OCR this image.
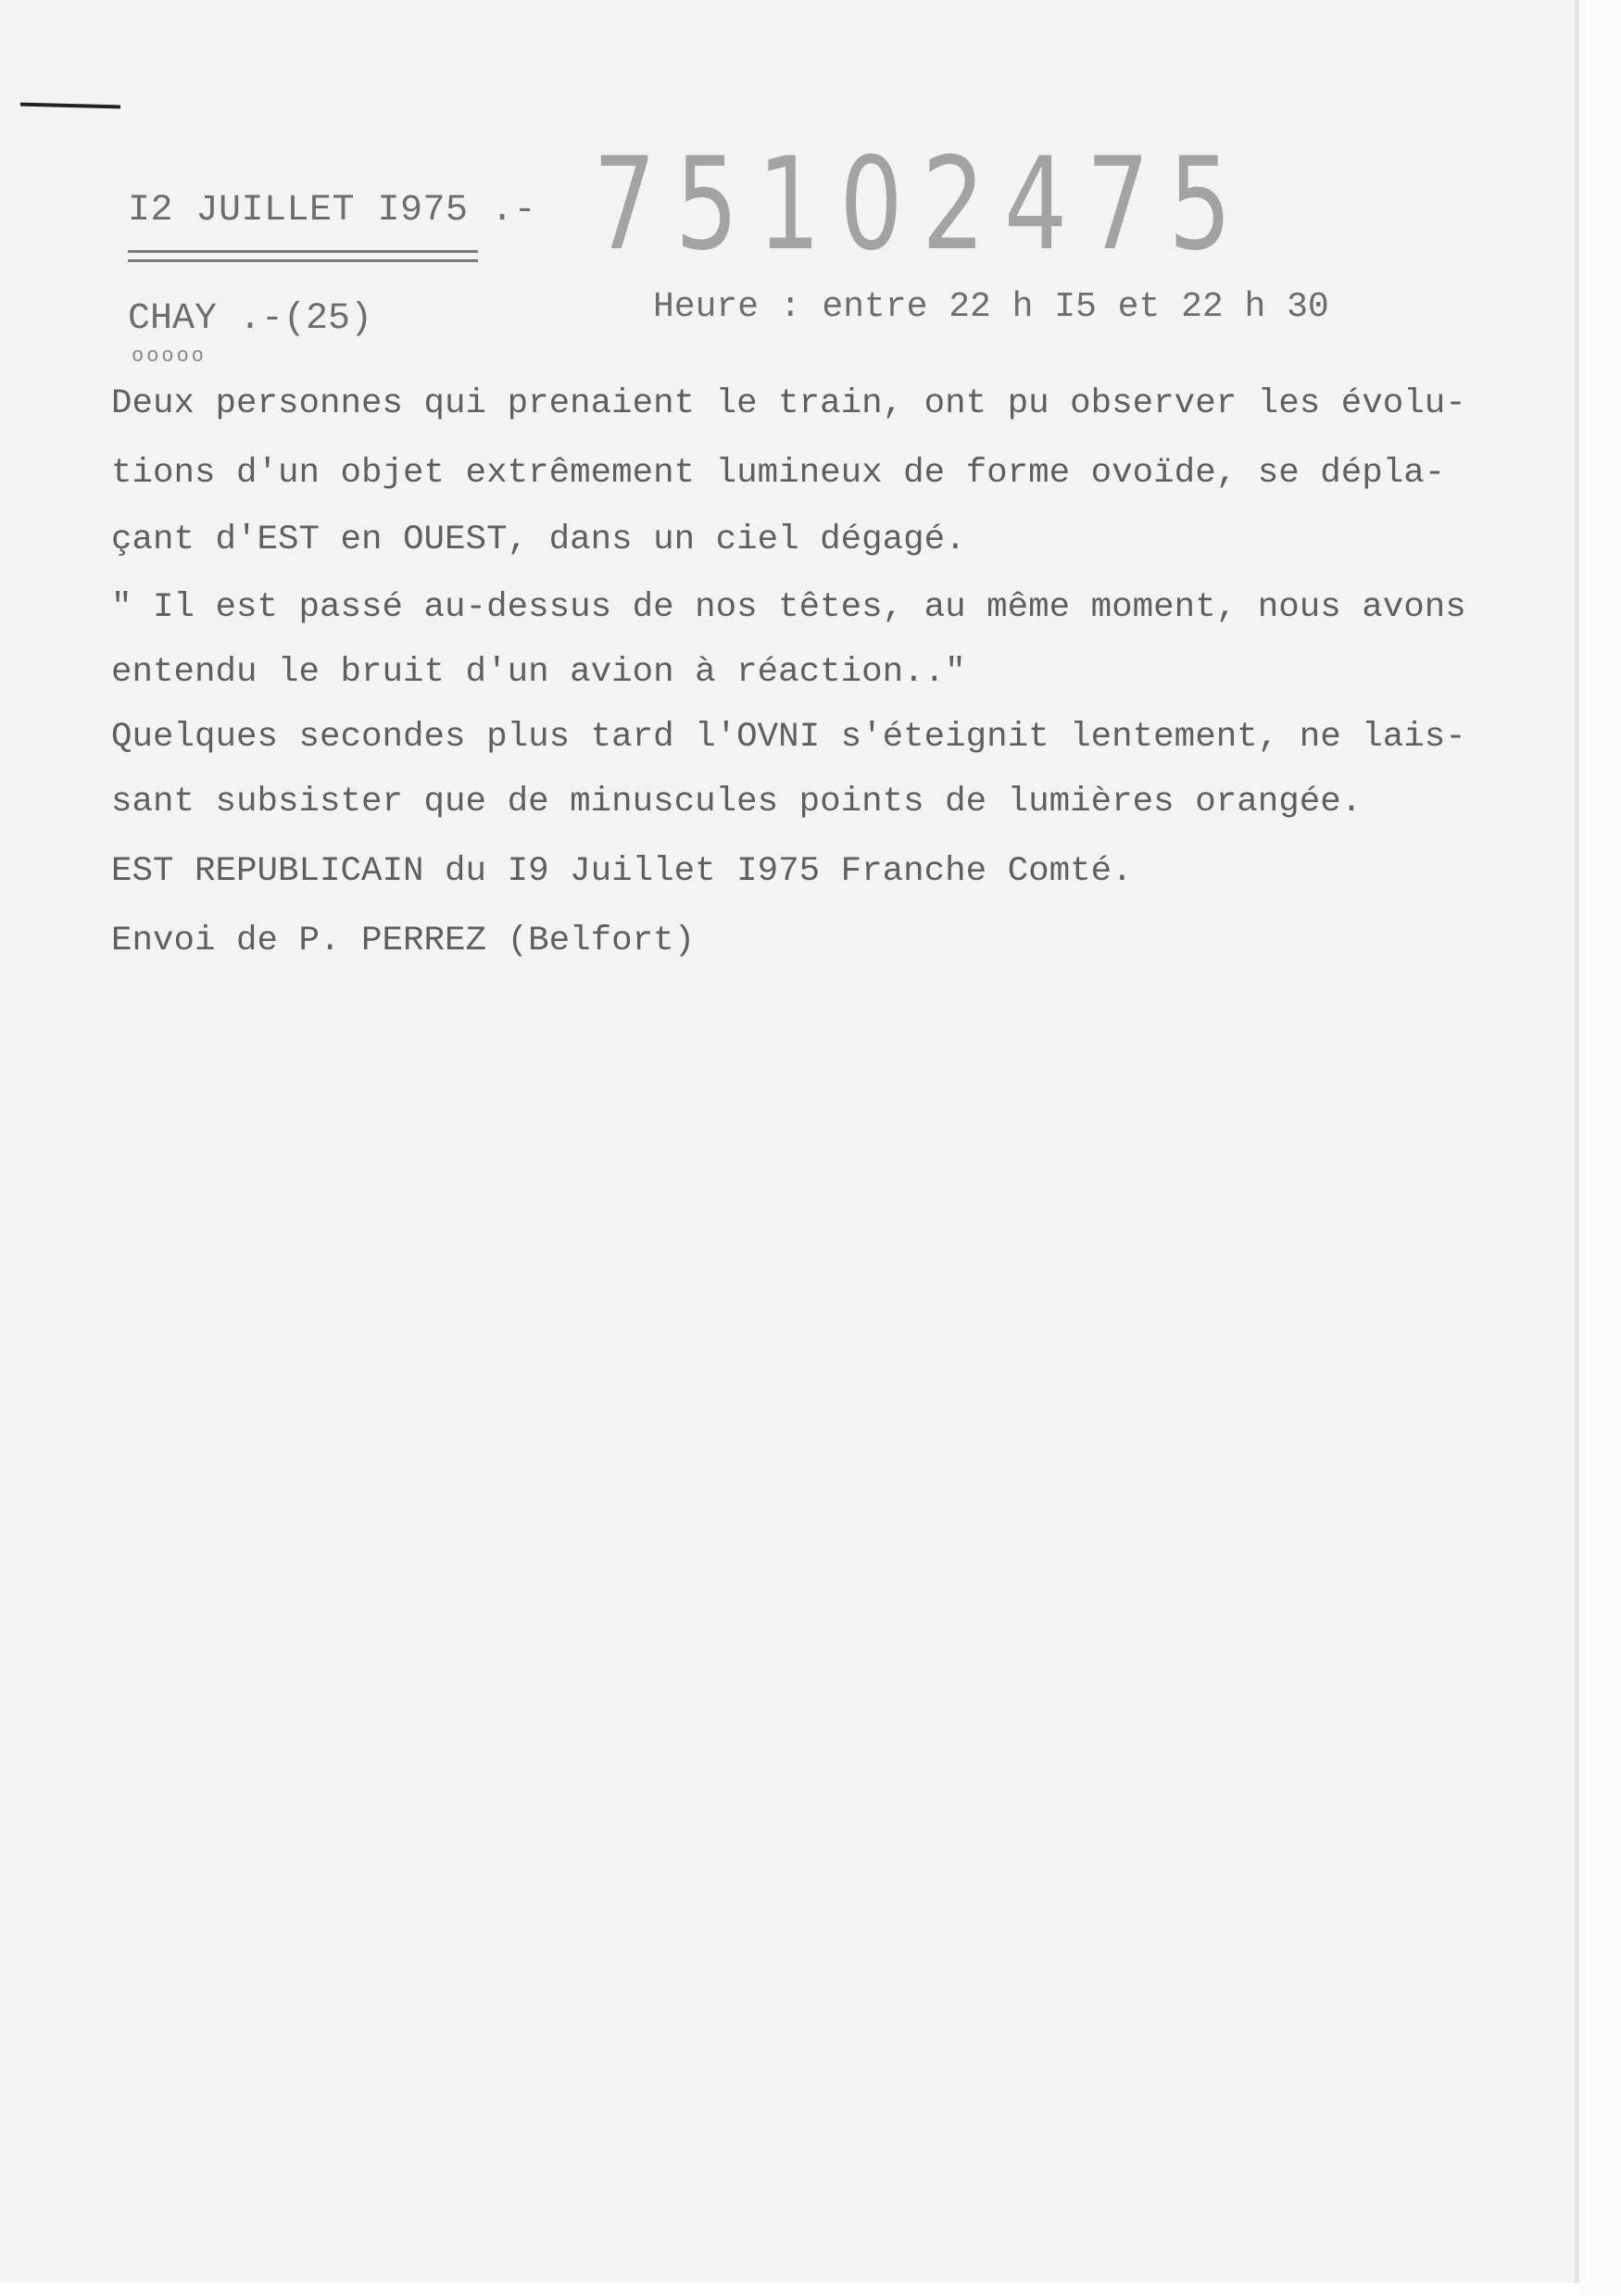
I2 JUILLET I975 .- 75102475
CHAY .-(25)
ooooo
Heure : entre 22 h I5 et 22 h 30
Deux personnes qui prenaient le train, ont pu observer les évolu-
tions d'un objet extrêmement lumineux de forme ovoïde, se dépla-
çant d'EST en OUEST, dans un ciel dégagé.
" Il est passé au-dessus de nos têtes, au même moment, nous avons
entendu le bruit d'un avion à réaction.."
Quelques secondes plus tard l'OVNI s'éteignit lentement, ne lais-
sant subsister que de minuscules points de lumières orangée.
EST REPUBLICAIN du I9 Juillet I975 Franche Comté.
Envoi de P. PERREZ (Belfort)
